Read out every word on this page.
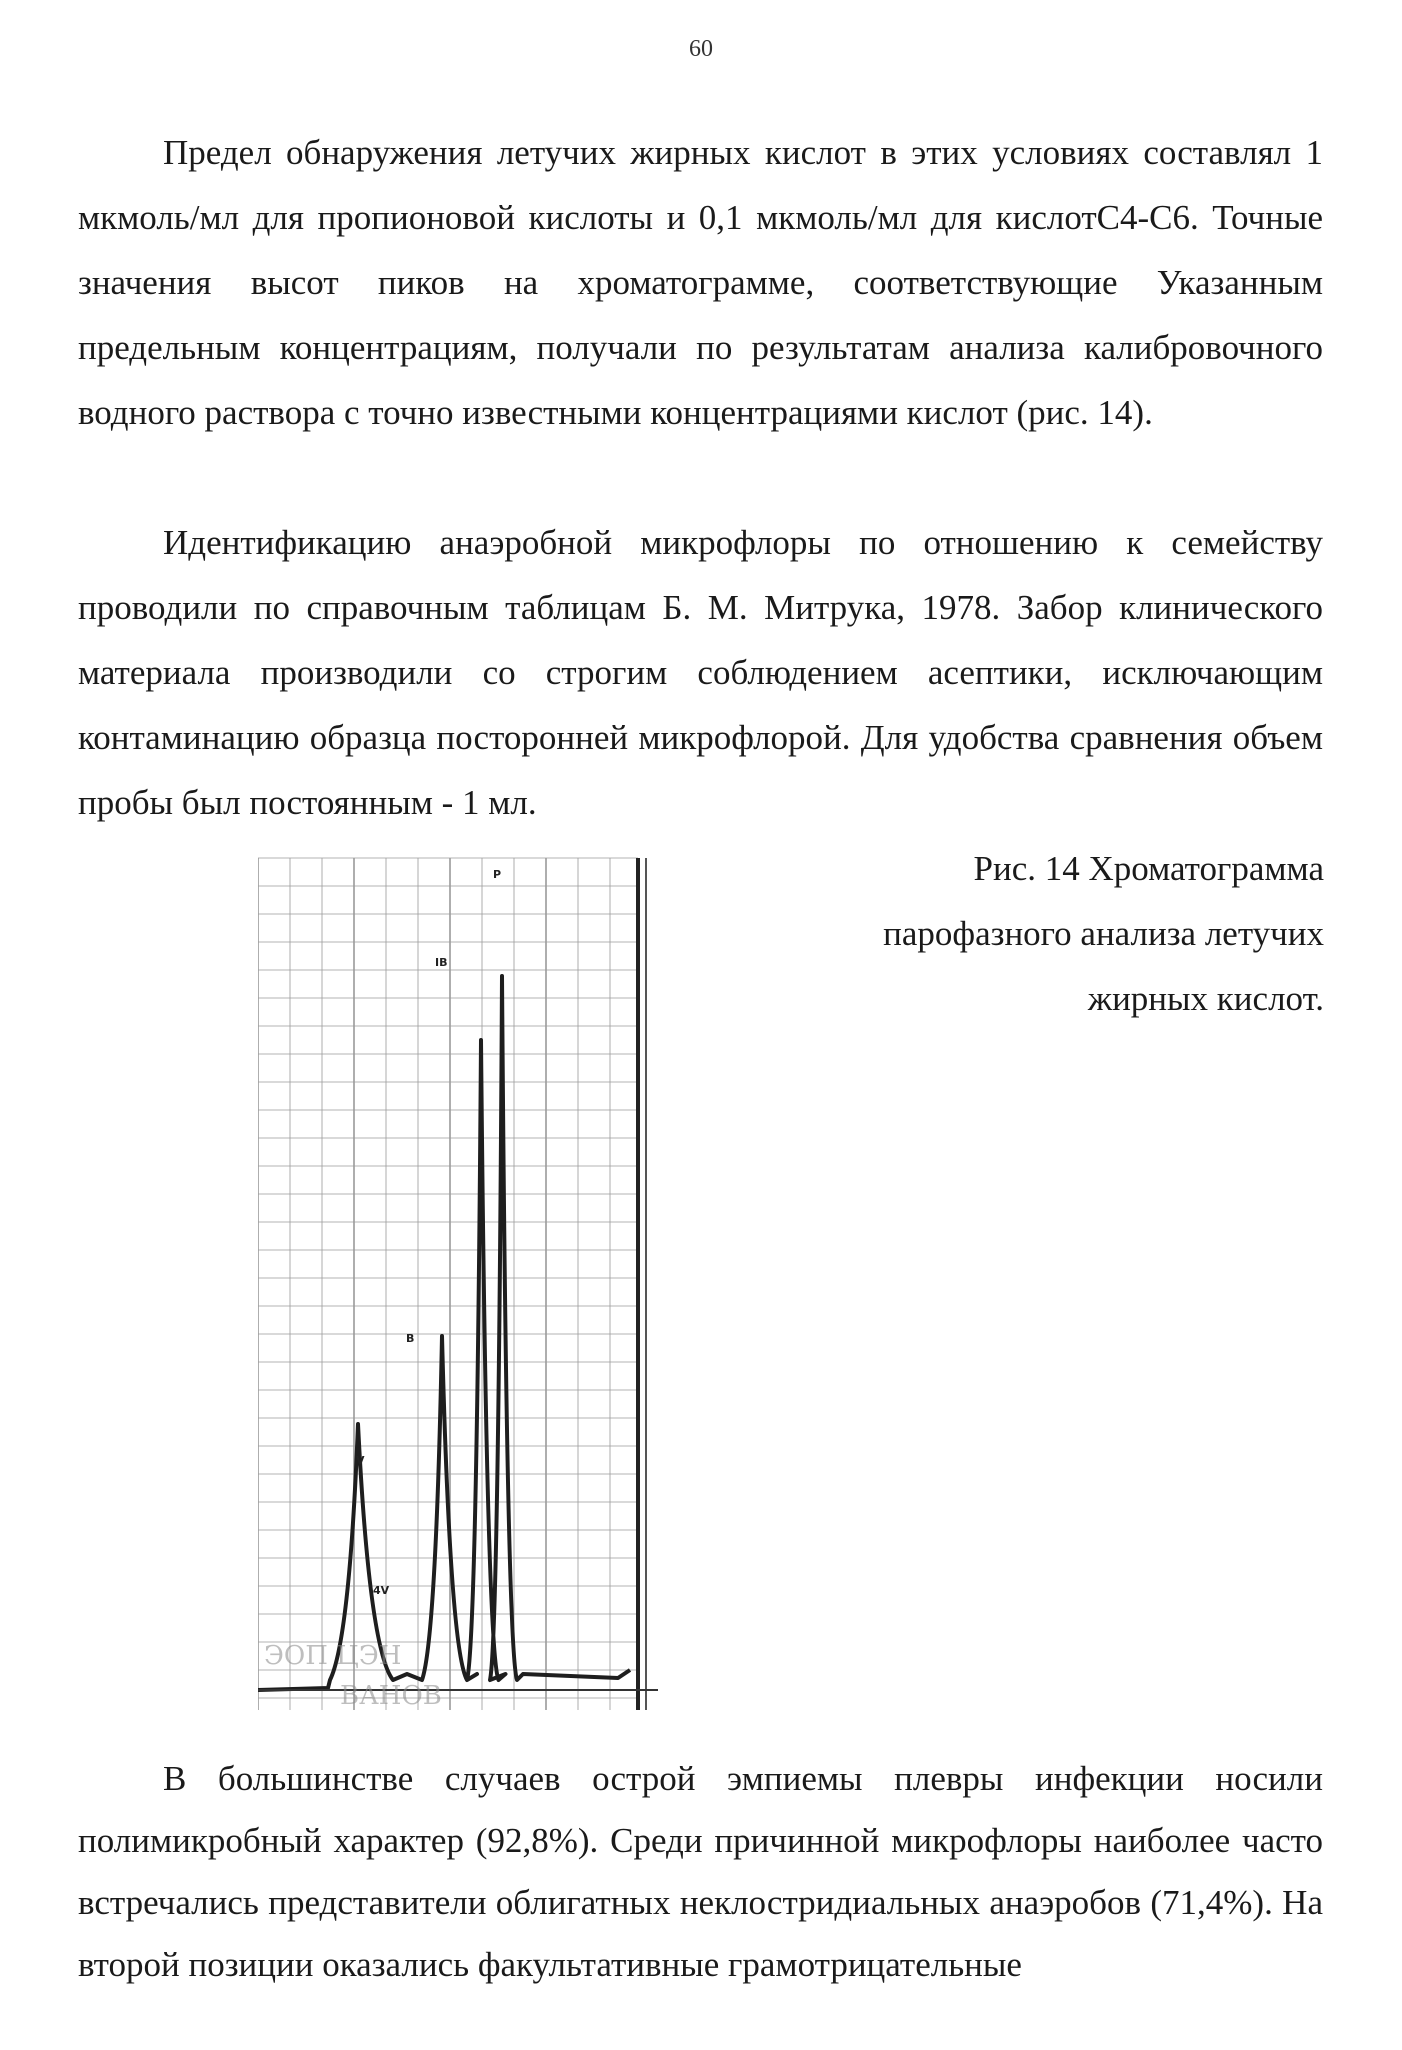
60

Предел обнаружения летучих жирных кислот в этих условиях составлял 1 мкмоль/мл для пропионовой кислоты и 0,1 мкмоль/мл для кислотС4-С6. Точные значения высот пиков на хроматограмме, соответствующие Указанным предельным концентрациям, получали по результатам анализа калибровочного водного раствора с точно известными концентрациями кислот (рис. 14).

Идентификацию анаэробной микрофлоры по отношению к семейству проводили по справочным таблицам Б. М. Митрука, 1978. Забор клинического материала производили со строгим соблюдением асептики, исключающим контаминацию образца посторонней микрофлорой. Для удобства сравнения объем пробы был постоянным - 1 мл.

P
IB
B
V
4V
ЭОП ЦЭН
ВАНОВ

Рис. 14 Хроматограмма
парофазного анализа летучих
жирных кислот.

В большинстве случаев острой эмпиемы плевры инфекции носили полимикробный характер (92,8%). Среди причинной микрофлоры наиболее часто встречались представители облигатных неклостридиальных анаэробов (71,4%). На второй позиции оказались факультативные грамотрицательные
